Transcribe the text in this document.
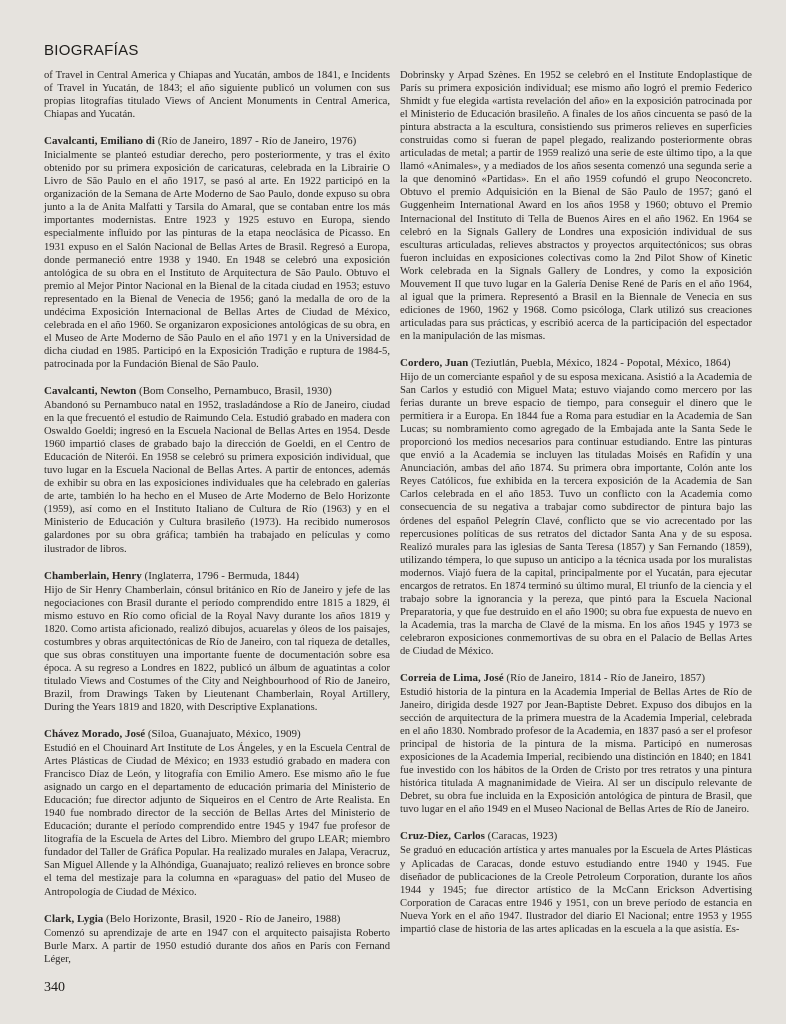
BIOGRAFÍAS

of Travel in Central America y Chiapas and Yucatán, ambos de 1841, e Incidents of Travel in Yucatán, de 1843; el año siguiente publicó un volumen con sus propias litografías titulado Views of Ancient Monuments in Central America, Chiapas and Yucatán.

Cavalcanti, Emiliano di (Río de Janeiro, 1897 - Río de Janeiro, 1976)

Inicialmente se planteó estudiar derecho, pero posteriormente, y tras el éxito obtenido por su primera exposición de caricaturas, celebrada en la Librairie O Livro de São Paulo en el año 1917, se pasó al arte. En 1922 participó en la organización de la Semana de Arte Moderno de Sao Paulo, donde expuso su obra junto a la de Anita Malfatti y Tarsila do Amaral, que se contaban entre los más importantes modernistas. Entre 1923 y 1925 estuvo en Europa, siendo especialmente influido por las pinturas de la etapa neoclásica de Picasso. En 1931 expuso en el Salón Nacional de Bellas Artes de Brasil. Regresó a Europa, donde permaneció entre 1938 y 1940. En 1948 se celebró una exposición antológica de su obra en el Instituto de Arquitectura de São Paulo. Obtuvo el premio al Mejor Pintor Nacional en la Bienal de la citada ciudad en 1953; estuvo representado en la Bienal de Venecia de 1956; ganó la medalla de oro de la undécima Exposición Internacional de Bellas Artes de Ciudad de México, celebrada en el año 1960. Se organizaron exposiciones antológicas de su obra, en el Museo de Arte Moderno de São Paulo en el año 1971 y en la Universidad de dicha ciudad en 1985. Participó en la Exposición Tradição e ruptura de 1984-5, patrocinada por la Fundación Bienal de São Paulo.

Cavalcanti, Newton (Bom Conselho, Pernambuco, Brasil, 1930)

Abandonó su Pernambuco natal en 1952, trasladándose a Río de Janeiro, ciudad en la que frecuentó el estudio de Raimundo Cela. Estudió grabado en madera con Oswaldo Goeldi; ingresó en la Escuela Nacional de Bellas Artes en 1954. Desde 1960 impartió clases de grabado bajo la dirección de Goeldi, en el Centro de Educación de Niterói. En 1958 se celebró su primera exposición individual, que tuvo lugar en la Escuela Nacional de Bellas Artes. A partir de entonces, además de exhibir su obra en las exposiciones individuales que ha celebrado en galerías de arte, también lo ha hecho en el Museo de Arte Moderno de Belo Horizonte (1959), así como en el Instituto Italiano de Cultura de Río (1963) y en el Ministerio de Educación y Cultura brasileño (1973). Ha recibido numerosos galardones por su obra gráfica; también ha trabajado en películas y como ilustrador de libros.

Chamberlain, Henry (Inglaterra, 1796 - Bermuda, 1844)

Hijo de Sir Henry Chamberlain, cónsul británico en Río de Janeiro y jefe de las negociaciones con Brasil durante el período comprendido entre 1815 a 1829, él mismo estuvo en Río como oficial de la Royal Navy durante los años 1819 y 1820. Como artista aficionado, realizó dibujos, acuarelas y óleos de los paisajes, costumbres y obras arquitectónicas de Río de Janeiro, con tal riqueza de detalles, que sus obras constituyen una importante fuente de documentación sobre esa época. A su regreso a Londres en 1822, publicó un álbum de aguatintas a color titulado Views and Costumes of the City and Neighbourhood of Rio de Janeiro, Brazil, from Drawings Taken by Lieutenant Chamberlain, Royal Artillery, During the Years 1819 and 1820, with Descriptive Explanations.

Chávez Morado, José (Siloa, Guanajuato, México, 1909)

Estudió en el Chouinard Art Institute de Los Ángeles, y en la Escuela Central de Artes Plásticas de Ciudad de México; en 1933 estudió grabado en madera con Francisco Díaz de León, y litografía con Emilio Amero. Ese mismo año le fue asignado un cargo en el departamento de educación primaria del Ministerio de Educación; fue director adjunto de Siqueiros en el Centro de Arte Realista. En 1940 fue nombrado director de la sección de Bellas Artes del Ministerio de Educación; durante el período comprendido entre 1945 y 1947 fue profesor de litografía de la Escuela de Artes del Libro. Miembro del grupo LEAR; miembro fundador del Taller de Gráfica Popular. Ha realizado murales en Jalapa, Veracruz, San Miguel Allende y la Alhóndiga, Guanajuato; realizó relieves en bronce sobre el tema del mestizaje para la columna en «paraguas» del patio del Museo de Antropología de Ciudad de México.

Clark, Lygia (Belo Horizonte, Brasil, 1920 - Río de Janeiro, 1988)

Comenzó su aprendizaje de arte en 1947 con el arquitecto paisajista Roberto Burle Marx. A partir de 1950 estudió durante dos años en París con Fernand Léger,

Dobrinsky y Arpad Szènes. En 1952 se celebró en el Institute Endoplastique de París su primera exposición individual; ese mismo año logró el premio Federico Shmidt y fue elegida «artista revelación del año» en la exposición patrocinada por el Ministerio de Educación brasileño. A finales de los años cincuenta se pasó de la pintura abstracta a la escultura, consistiendo sus primeros relieves en superficies construidas como si fueran de papel plegado, realizando posteriormente obras articuladas de metal; a partir de 1959 realizó una serie de este último tipo, a la que llamó «Animales», y a mediados de los años sesenta comenzó una segunda serie a la que denominó «Partidas». En el año 1959 cofundó el grupo Neoconcreto. Obtuvo el premio Adquisición en la Bienal de São Paulo de 1957; ganó el Guggenheim International Award en los años 1958 y 1960; obtuvo el Premio Internacional del Instituto di Tella de Buenos Aires en el año 1962. En 1964 se celebró en la Signals Gallery de Londres una exposición individual de sus esculturas articuladas, relieves abstractos y proyectos arquitectónicos; sus obras fueron incluidas en exposiciones colectivas como la 2nd Pilot Show of Kinetic Work celebrada en la Signals Gallery de Londres, y como la exposición Mouvement II que tuvo lugar en la Galería Denise René de París en el año 1964, al igual que la primera. Representó a Brasil en la Biennale de Venecia en sus ediciones de 1960, 1962 y 1968. Como psicóloga, Clark utilizó sus creaciones articuladas para sus prácticas, y escribió acerca de la participación del espectador en la manipulación de las mismas.

Cordero, Juan (Teziutlán, Puebla, México, 1824 - Popotal, México, 1864)

Hijo de un comerciante español y de su esposa mexicana. Asistió a la Academia de San Carlos y estudió con Miguel Mata; estuvo viajando como mercero por las ferias durante un breve espacio de tiempo, para conseguir el dinero que le permitiera ir a Europa. En 1844 fue a Roma para estudiar en la Academia de San Lucas; su nombramiento como agregado de la Embajada ante la Santa Sede le proporcionó los medios necesarios para continuar estudiando. Entre las pinturas que envió a la Academia se incluyen las tituladas Moisés en Rafidín y una Anunciación, ambas del año 1874. Su primera obra importante, Colón ante los Reyes Católicos, fue exhibida en la tercera exposición de la Academia de San Carlos celebrada en el año 1853. Tuvo un conflicto con la Academia como consecuencia de su negativa a trabajar como subdirector de pintura bajo las órdenes del español Pelegrín Clavé, conflicto que se vio acrecentado por las repercusiones políticas de sus retratos del dictador Santa Ana y de su esposa. Realizó murales para las iglesias de Santa Teresa (1857) y San Fernando (1859), utilizando témpera, lo que supuso un anticipo a la técnica usada por los muralistas modernos. Viajó fuera de la capital, principalmente por el Yucatán, para ejecutar encargos de retratos. En 1874 terminó su último mural, El triunfo de la ciencia y el trabajo sobre la ignorancia y la pereza, que pintó para la Escuela Nacional Preparatoria, y que fue destruido en el año 1900; su obra fue expuesta de nuevo en la Academia, tras la marcha de Clavé de la misma. En los años 1945 y 1973 se celebraron exposiciones conmemortivas de su obra en el Palacio de Bellas Artes de Ciudad de México.

Correia de Lima, José (Río de Janeiro, 1814 - Río de Janeiro, 1857)

Estudió historia de la pintura en la Academia Imperial de Bellas Artes de Río de Janeiro, dirigida desde 1927 por Jean-Baptiste Debret. Expuso dos dibujos en la sección de arquitectura de la primera muestra de la Academia Imperial, celebrada en el año 1830. Nombrado profesor de la Academia, en 1837 pasó a ser el profesor principal de historia de la pintura de la misma. Participó en numerosas exposiciones de la Academia Imperial, recibiendo una distinción en 1840; en 1841 fue investido con los hábitos de la Orden de Cristo por tres retratos y una pintura histórica titulada A magnanimidade de Vieira. Al ser un discípulo relevante de Debret, su obra fue incluida en la Exposición antológica de pintura de Brasil, que tuvo lugar en el año 1949 en el Museo Nacional de Bellas Artes de Río de Janeiro.

Cruz-Diez, Carlos (Caracas, 1923)

Se graduó en educación artística y artes manuales por la Escuela de Artes Plásticas y Aplicadas de Caracas, donde estuvo estudiando entre 1940 y 1945. Fue diseñador de publicaciones de la Creole Petroleum Corporation, durante los años 1944 y 1945; fue director artístico de la McCann Erickson Advertising Corporation de Caracas entre 1946 y 1951, con un breve período de estancia en Nueva York en el año 1947. Ilustrador del diario El Nacional; entre 1953 y 1955 impartió clase de historia de las artes aplicadas en la escuela a la que asistía. Es-

340
